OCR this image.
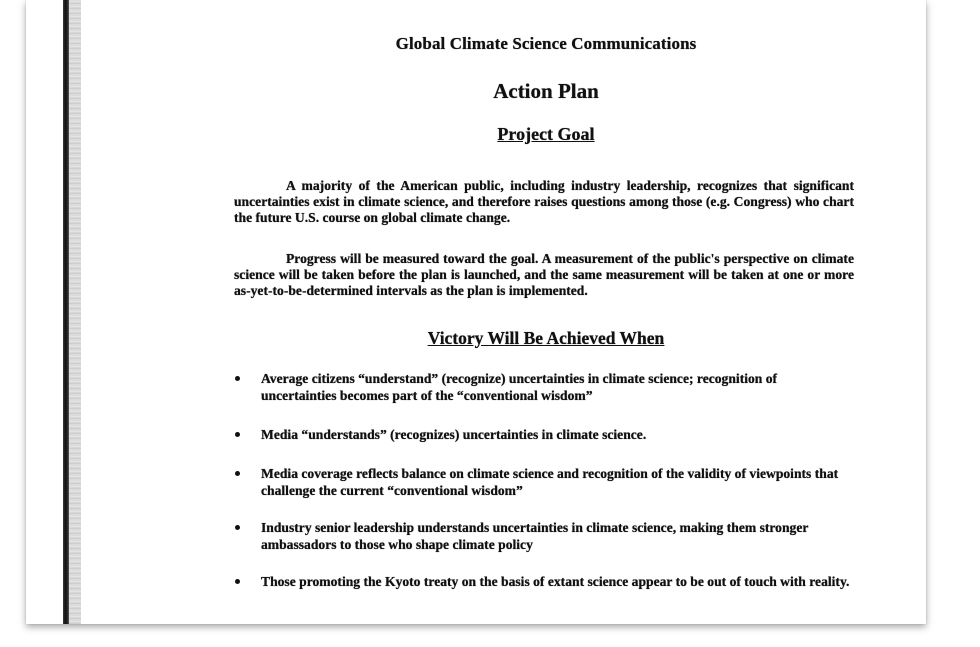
Global Climate Science Communications
Action Plan
Project Goal

A majority of the American public, including industry leadership, recognizes that significant uncertainties exist in climate science, and therefore raises questions among those (e.g. Congress) who chart the future U.S. course on global climate change.

Progress will be measured toward the goal. A measurement of the public's perspective on climate science will be taken before the plan is launched, and the same measurement will be taken at one or more as-yet-to-be-determined intervals as the plan is implemented.

Victory Will Be Achieved When
Average citizens “understand” (recognize) uncertainties in climate science; recognition of uncertainties becomes part of the “conventional wisdom”
Media “understands” (recognizes) uncertainties in climate science.
Media coverage reflects balance on climate science and recognition of the validity of viewpoints that challenge the current “conventional wisdom”
Industry senior leadership understands uncertainties in climate science, making them stronger ambassadors to those who shape climate policy
Those promoting the Kyoto treaty on the basis of extant science appear to be out of touch with reality.
